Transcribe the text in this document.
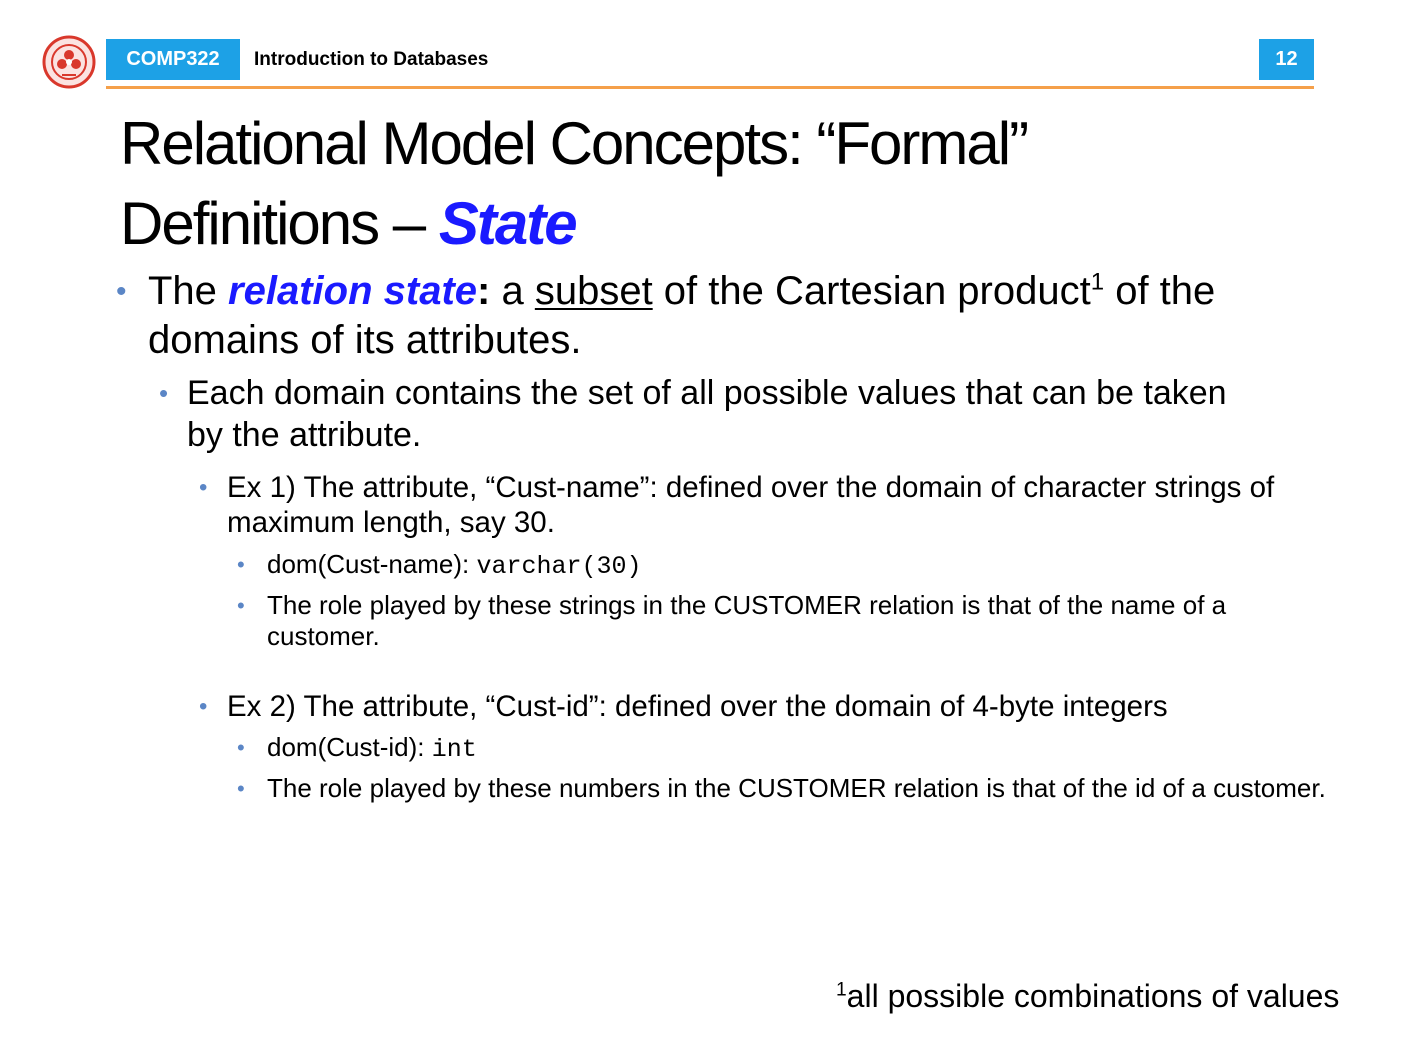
COMP322 Introduction to Databases	12
Relational Model Concepts: “Formal”
Definitions – State
• The relation state: a subset of the Cartesian product$^1$ of the domains of its attributes.
• Each domain contains the set of all possible values that can be taken by the attribute.
• Ex 1) The attribute, “Cust-name”: defined over the domain of character strings of maximum length, say 30.
• dom(Cust-name): varchar(30)
• The role played by these strings in the CUSTOMER relation is that of the name of a customer.
• Ex 2) The attribute, “Cust-id”: defined over the domain of 4-byte integers
• dom(Cust-id): int
• The role played by these numbers in the CUSTOMER relation is that of the id of a customer.
$^1$all possible combinations of values
